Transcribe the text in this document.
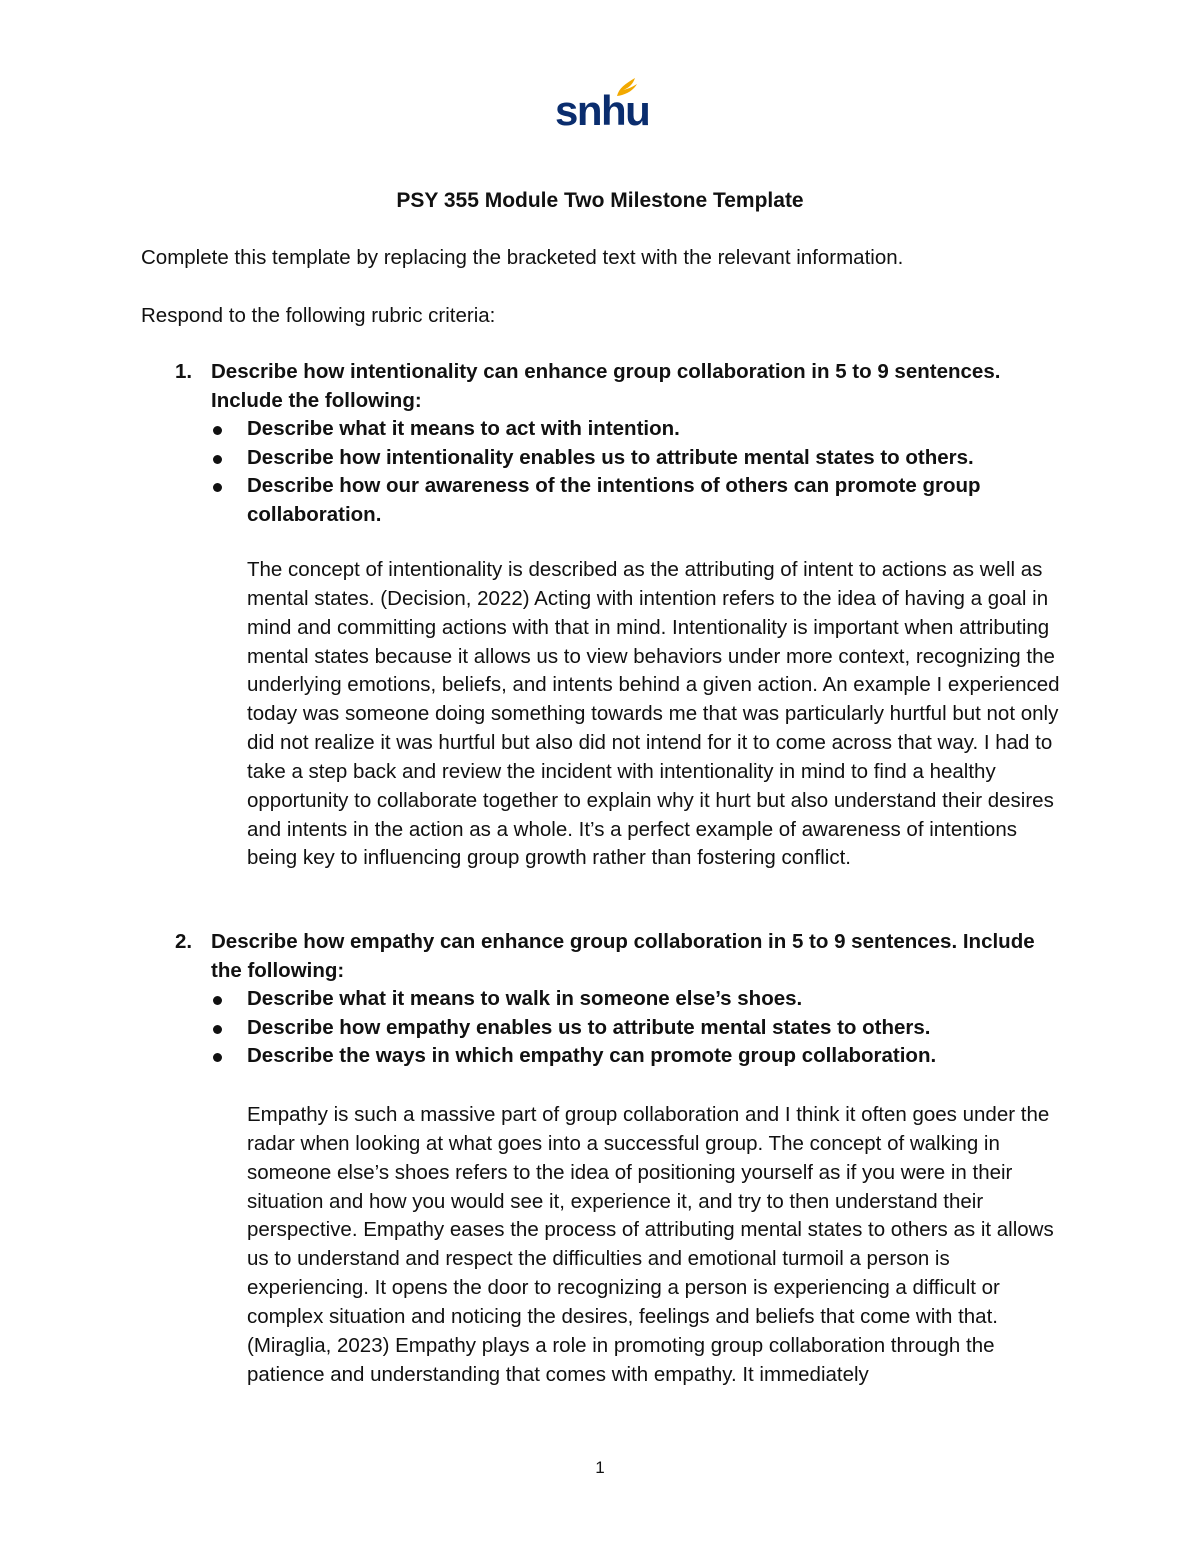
snhu
PSY 355 Module Two Milestone Template
Complete this template by replacing the bracketed text with the relevant information.
Respond to the following rubric criteria:
1. Describe how intentionality can enhance group collaboration in 5 to 9 sentences. Include the following:
Describe what it means to act with intention.
Describe how intentionality enables us to attribute mental states to others.
Describe how our awareness of the intentions of others can promote group collaboration.
The concept of intentionality is described as the attributing of intent to actions as well as mental states. (Decision, 2022) Acting with intention refers to the idea of having a goal in mind and committing actions with that in mind. Intentionality is important when attributing mental states because it allows us to view behaviors under more context, recognizing the underlying emotions, beliefs, and intents behind a given action. An example I experienced today was someone doing something towards me that was particularly hurtful but not only did not realize it was hurtful but also did not intend for it to come across that way. I had to take a step back and review the incident with intentionality in mind to find a healthy opportunity to collaborate together to explain why it hurt but also understand their desires and intents in the action as a whole. It’s a perfect example of awareness of intentions being key to influencing group growth rather than fostering conflict.
2. Describe how empathy can enhance group collaboration in 5 to 9 sentences. Include the following:
Describe what it means to walk in someone else’s shoes.
Describe how empathy enables us to attribute mental states to others.
Describe the ways in which empathy can promote group collaboration.
Empathy is such a massive part of group collaboration and I think it often goes under the radar when looking at what goes into a successful group. The concept of walking in someone else’s shoes refers to the idea of positioning yourself as if you were in their situation and how you would see it, experience it, and try to then understand their perspective. Empathy eases the process of attributing mental states to others as it allows us to understand and respect the difficulties and emotional turmoil a person is experiencing. It opens the door to recognizing a person is experiencing a difficult or complex situation and noticing the desires, feelings and beliefs that come with that. (Miraglia, 2023) Empathy plays a role in promoting group collaboration through the patience and understanding that comes with empathy. It immediately
1
